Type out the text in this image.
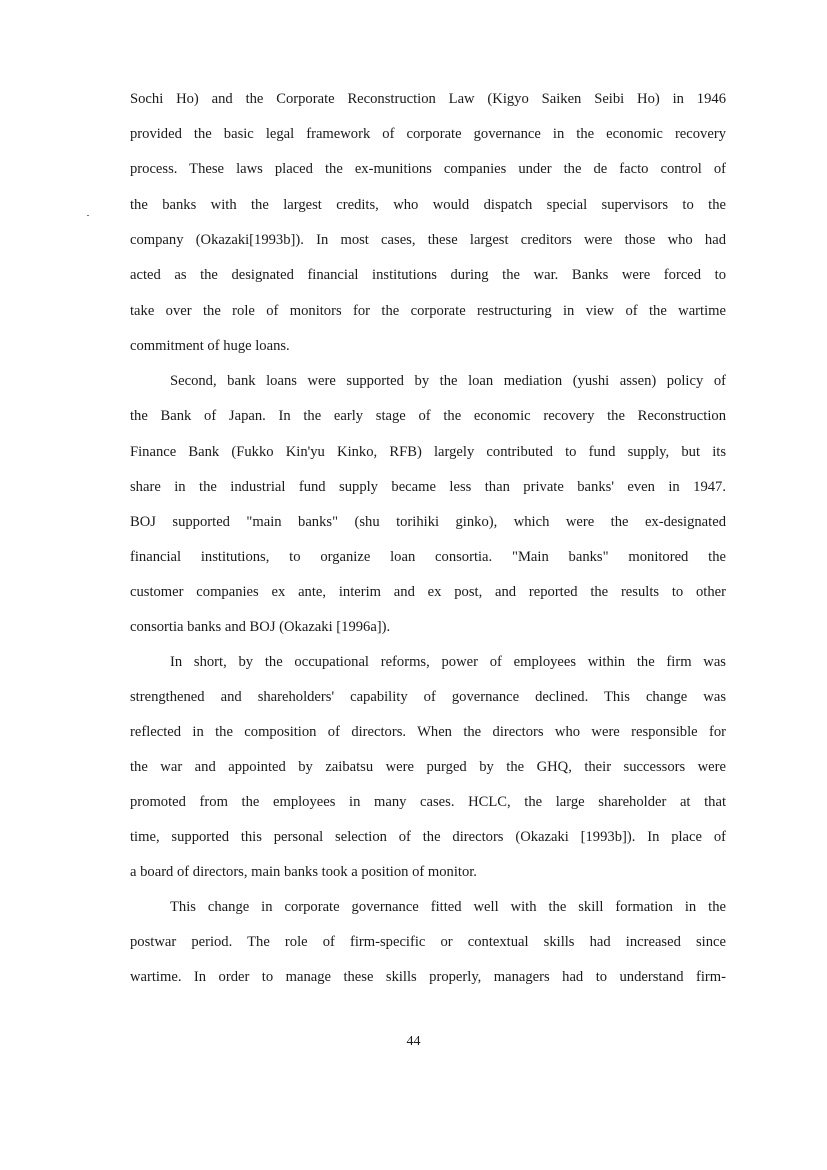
Sochi Ho) and the Corporate Reconstruction Law (Kigyo Saiken Seibi Ho) in 1946
provided the basic legal framework of corporate governance in the economic recovery
process. These laws placed the ex-munitions companies under the de facto control of
the banks with the largest credits, who would dispatch special supervisors to the
company (Okazaki[1993b]). In most cases, these largest creditors were those who had
acted as the designated financial institutions during the war. Banks were forced to
take over the role of monitors for the corporate restructuring in view of the wartime
commitment of huge loans.
Second, bank loans were supported by the loan mediation (yushi assen) policy of
the Bank of Japan. In the early stage of the economic recovery the Reconstruction
Finance Bank (Fukko Kin'yu Kinko, RFB) largely contributed to fund supply, but its
share in the industrial fund supply became less than private banks' even in 1947.
BOJ supported "main banks" (shu torihiki ginko), which were the ex-designated
financial institutions, to organize loan consortia. "Main banks" monitored the
customer companies ex ante, interim and ex post, and reported the results to other
consortia banks and BOJ (Okazaki [1996a]).
In short, by the occupational reforms, power of employees within the firm was
strengthened and shareholders' capability of governance declined. This change was
reflected in the composition of directors. When the directors who were responsible for
the war and appointed by zaibatsu were purged by the GHQ, their successors were
promoted from the employees in many cases. HCLC, the large shareholder at that
time, supported this personal selection of the directors (Okazaki [1993b]). In place of
a board of directors, main banks took a position of monitor.
This change in corporate governance fitted well with the skill formation in the
postwar period. The role of firm-specific or contextual skills had increased since
wartime. In order to manage these skills properly, managers had to understand firm-
44
